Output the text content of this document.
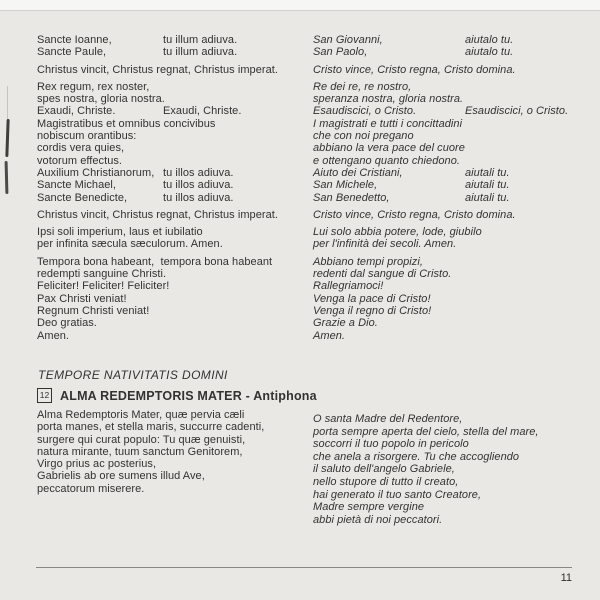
Sancte Ioanne,	tu illum adiuva.
Sancte Paule,	tu illum adiuva.
Christus vincit, Christus regnat, Christus imperat.
Rex regum, rex noster,
spes nostra, gloria nostra.
Exaudi, Christe.	Exaudi, Christe.
Magistratibus et omnibus concivibus
nobiscum orantibus:
cordis vera quies,
votorum effectus.
Auxilium Christianorum, tu illos adiuva.
Sancte Michael,	tu illos adiuva.
Sancte Benedicte,	tu illos adiuva.
Christus vincit, Christus regnat, Christus imperat.
Ipsi soli imperium, laus et iubilatio
per infinita sæcula sæculorum. Amen.
Tempora bona habeant,  tempora bona habeant
redempti sanguine Christi.
Feliciter! Feliciter! Feliciter!
Pax Christi veniat!
Regnum Christi veniat!
Deo gratias.
Amen.
San Giovanni,	aiutalo tu.
San Paolo,	aiutalo tu.
Cristo vince, Cristo regna, Cristo domina.
Re dei re, re nostro,
speranza nostra, gloria nostra.
Esaudiscici, o Cristo.	Esaudiscici, o Cristo.
I magistrati e tutti i concittadini
che con noi pregano
abbiano la vera pace del cuore
e ottengano quanto chiedono.
Aiuto dei Cristiani,	aiutali tu.
San Michele,	aiutali tu.
San Benedetto,	aiutali tu.
Cristo vince, Cristo regna, Cristo domina.
Lui solo abbia potere, lode, giubilo
per l'infinità dei secoli. Amen.
Abbiano tempi propizi,
redenti dal sangue di Cristo.
Rallegriamoci!
Venga la pace di Cristo!
Venga il regno di Cristo!
Grazie a Dio.
Amen.
TEMPORE NATIVITATIS DOMINI
12 ALMA REDEMPTORIS MATER - Antiphona
Alma Redemptoris Mater, quæ pervia cæli
porta manes, et stella maris, succurre cadenti,
surgere qui curat populo: Tu quæ genuisti,
natura mirante, tuum sanctum Genitorem,
Virgo prius ac posterius,
Gabrielis ab ore sumens illud Ave,
peccatorum miserere.
O santa Madre del Redentore,
porta sempre aperta del cielo, stella del mare,
soccorri il tuo popolo in pericolo
che anela a risorgere. Tu che accogliendo
il saluto dell'angelo Gabriele,
nello stupore di tutto il creato,
hai generato il tuo santo Creatore,
Madre sempre vergine
abbi pietà di noi peccatori.
11
